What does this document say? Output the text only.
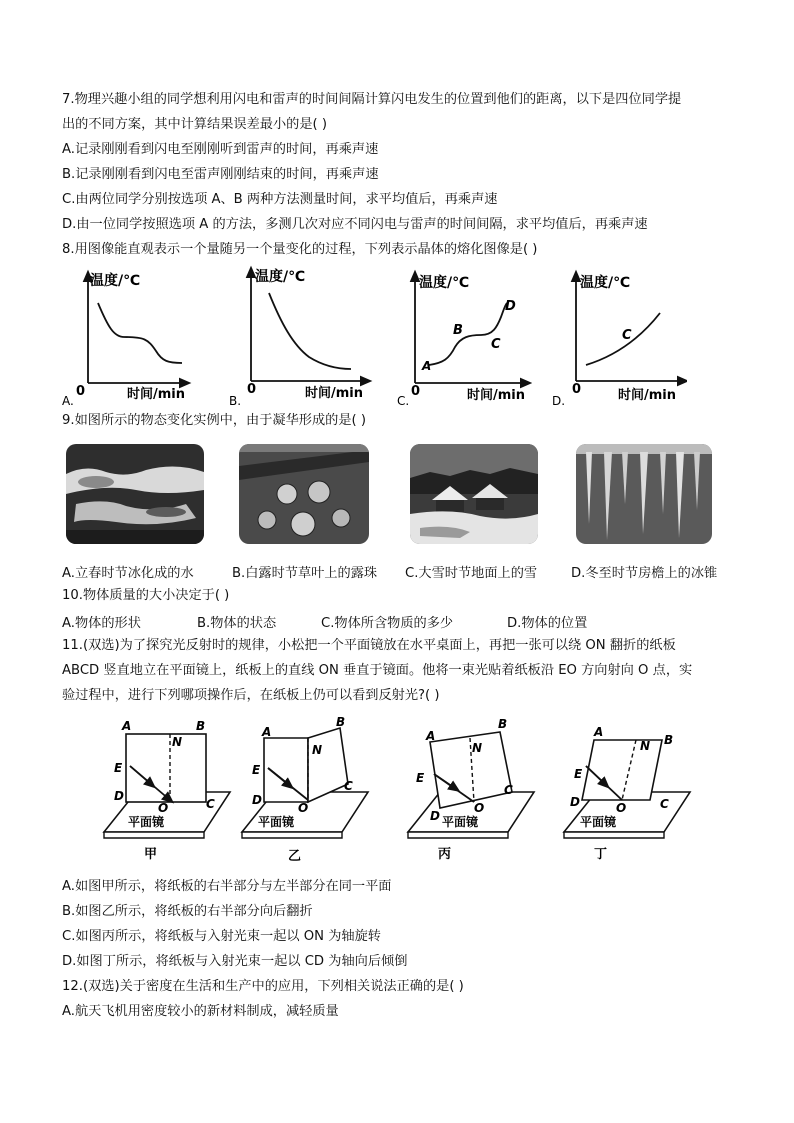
7.物理兴趣小组的同学想利用闪电和雷声的时间间隔计算闪电发生的位置到他们的距离，以下是四位同学提
出的不同方案，其中计算结果误差最小的是( )
A.记录刚刚看到闪电至刚刚听到雷声的时间，再乘声速
B.记录刚刚看到闪电至雷声刚刚结束的时间，再乘声速
C.由两位同学分别按选项 A、B 两种方法测量时间，求平均值后，再乘声速
D.由一位同学按照选项 A 的方法，多测几次对应不同闪电与雷声的时间间隔，求平均值后，再乘声速
8.用图像能直观表示一个量随另一个量变化的过程，下列表示晶体的熔化图像是( )
温度/℃
时间/min
0
A.
温度/℃
时间/min
0
B.
温度/℃
时间/min
0
A
B
C
D
C.
温度/℃
时间/min
0
C
D.
9.如图所示的物态变化实例中，由于凝华形成的是( )
A.立春时节冰化成的水	B.白露时节草叶上的露珠 C.大雪时节地面上的雪	D.冬至时节房檐上的冰锥
10.物体质量的大小决定于( )
A.物体的形状	B.物体的状态	C.物体所含物质的多少	D.物体的位置
11.(双选)为了探究光反射时的规律，小松把一个平面镜放在水平桌面上，再把一张可以绕 ON 翻折的纸板
ABCD 竖直地立在平面镜上，纸板上的直线 ON 垂直于镜面。他将一束光贴着纸板沿 EO 方向射向 O 点，实
验过程中，进行下列哪项操作后，在纸板上仍可以看到反射光?( )
A	B
N
E
D
O	C
平面镜
甲
A
B
N
E
D
O
C
平面镜
乙
A
B
N
E
D
O
C
平面镜
丙
A
B
N
E
D	O	C
平面镜
丁
A.如图甲所示，将纸板的右半部分与左半部分在同一平面
B.如图乙所示，将纸板的右半部分向后翻折
C.如图丙所示，将纸板与入射光束一起以 ON 为轴旋转
D.如图丁所示，将纸板与入射光束一起以 CD 为轴向后倾倒
12.(双选)关于密度在生活和生产中的应用，下列相关说法正确的是( )
A.航天飞机用密度较小的新材料制成，减轻质量
